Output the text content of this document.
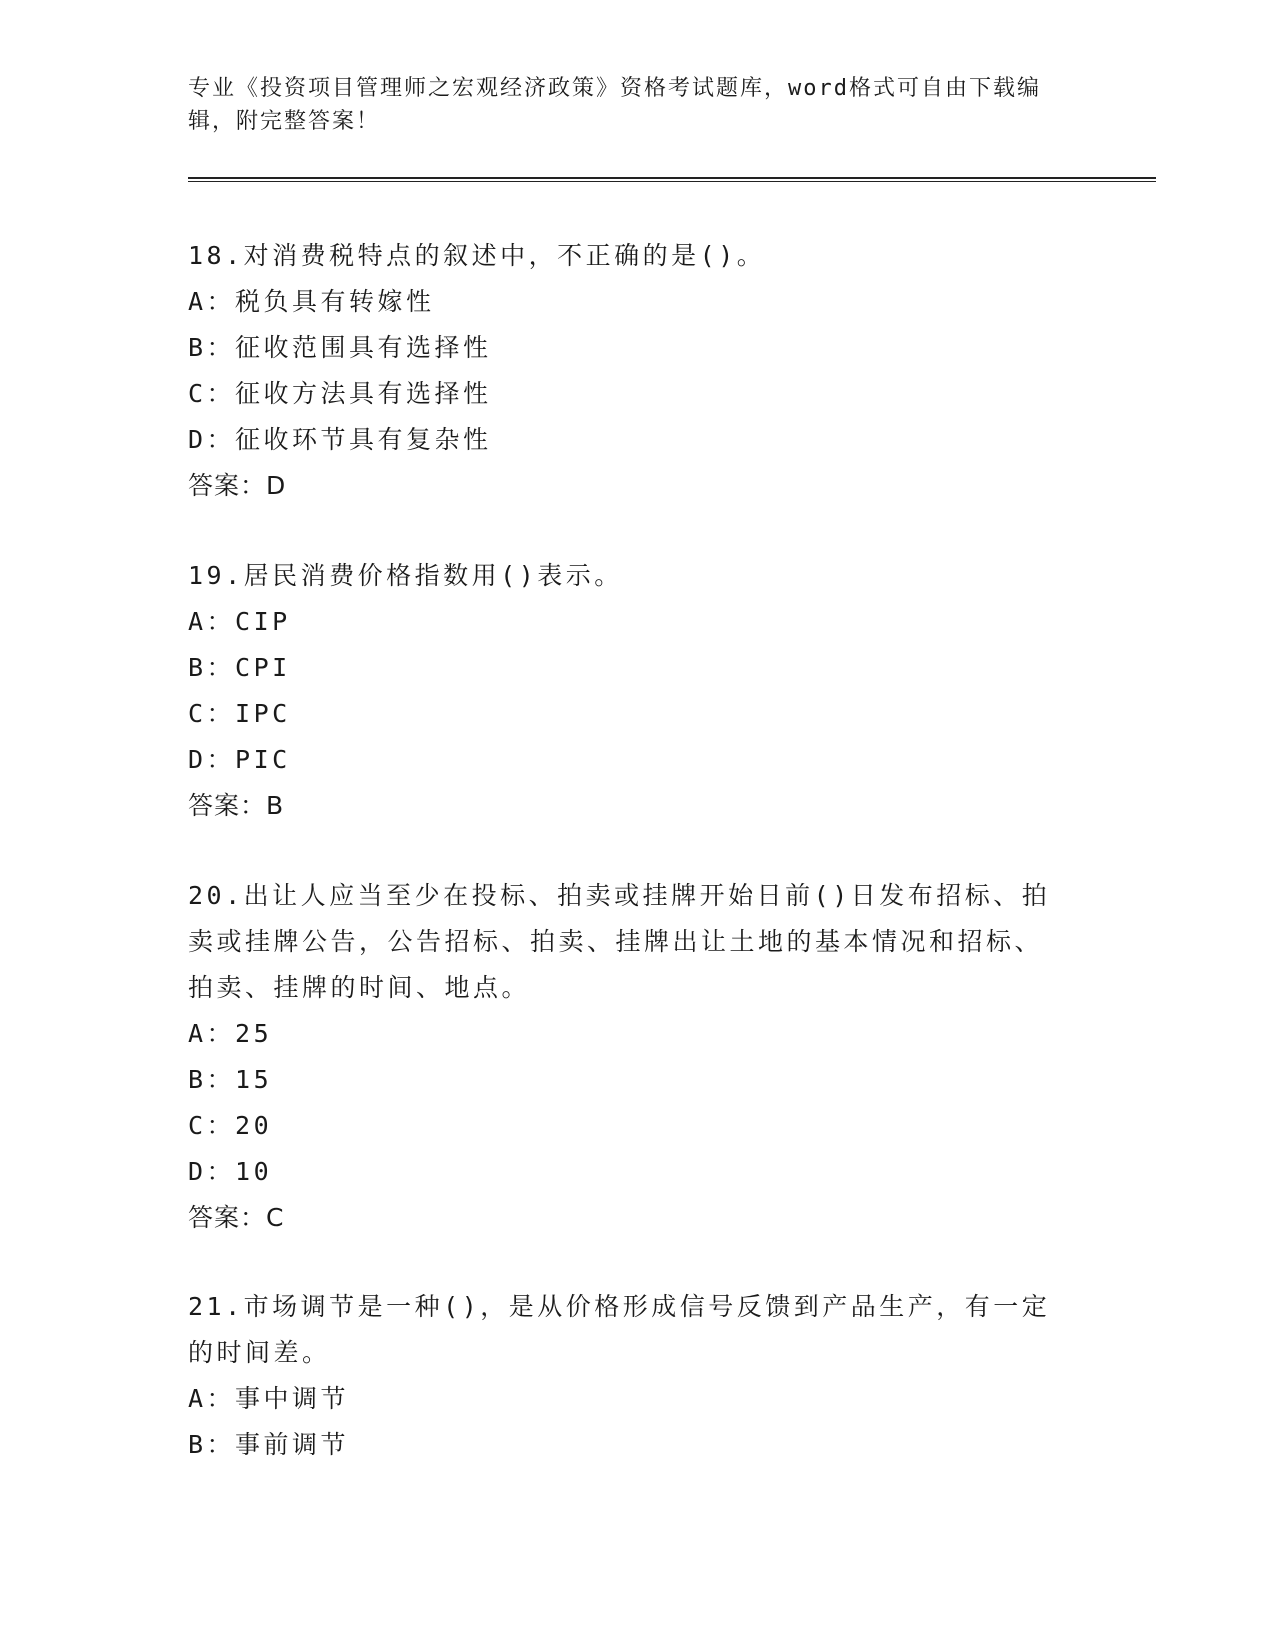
专业《投资项目管理师之宏观经济政策》资格考试题库，word格式可自由下载编辑，附完整答案！

18.对消费税特点的叙述中，不正确的是()。

A：税负具有转嫁性

B：征收范围具有选择性

C：征收方法具有选择性

D：征收环节具有复杂性

答案：D

19.居民消费价格指数用()表示。

A：CIP

B：CPI

C：IPC

D：PIC

答案：B

20.出让人应当至少在投标、拍卖或挂牌开始日前()日发布招标、拍卖或挂牌公告，公告招标、拍卖、挂牌出让土地的基本情况和招标、拍卖、挂牌的时间、地点。

A：25

B：15

C：20

D：10

答案：C

21.市场调节是一种()，是从价格形成信号反馈到产品生产，有一定的时间差。

A：事中调节

B：事前调节
